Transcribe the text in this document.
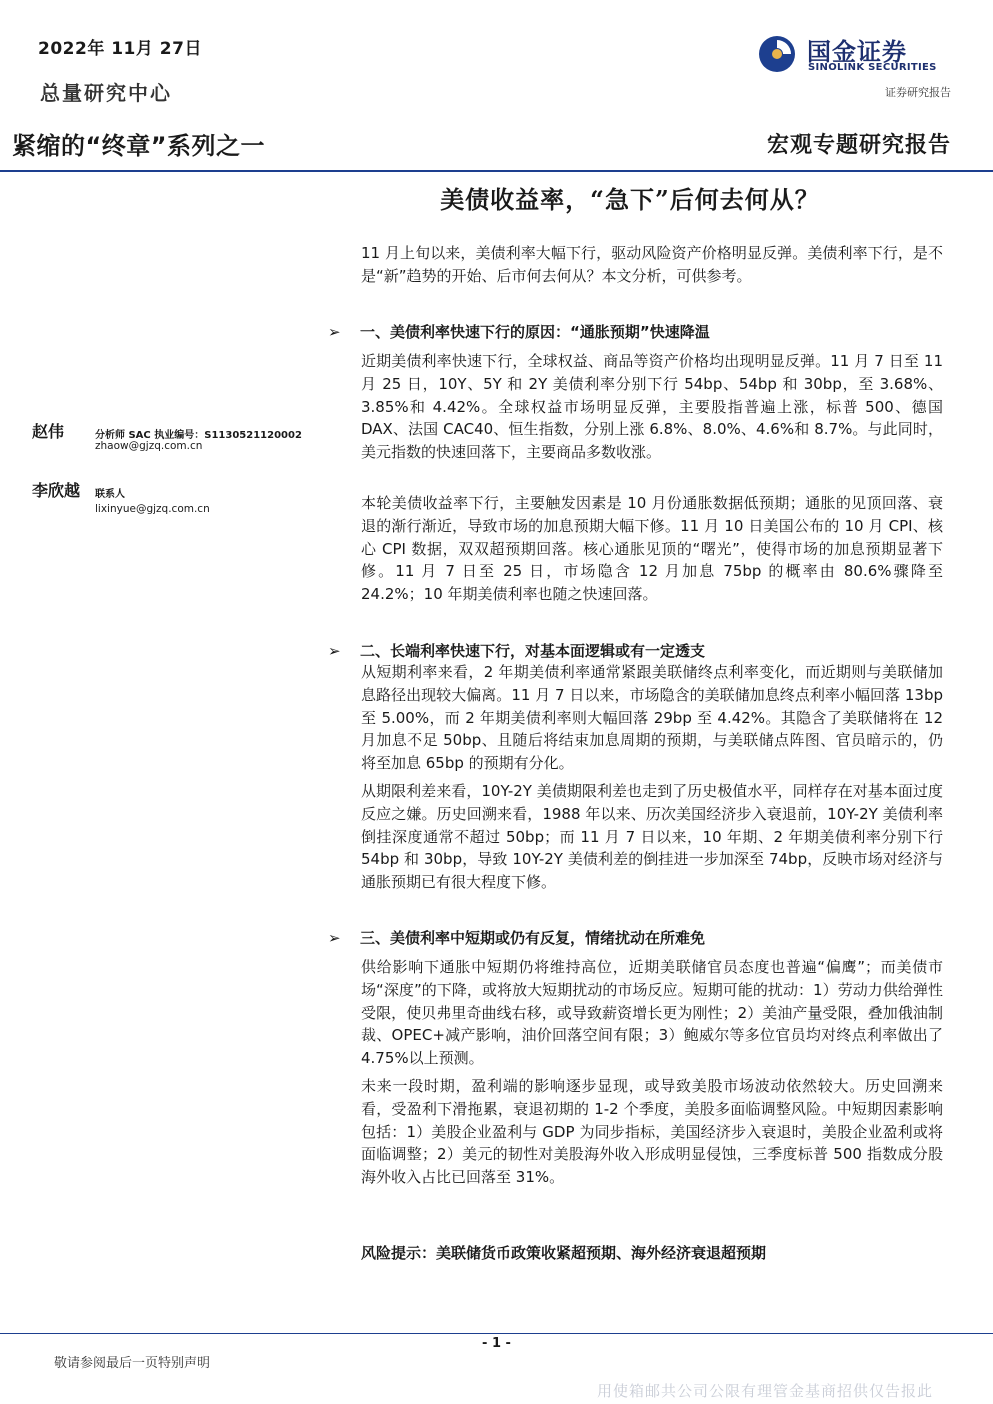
2022年 11月 27日
总量研究中心
国金证券
SINOLINK SECURITIES
证券研究报告
紧缩的“终章”系列之一	宏观专题研究报告
美债收益率，“急下”后何去何从？
11 月上旬以来，美债利率大幅下行，驱动风险资产价格明显反弹。美债利率下行，是不是“新”趋势的开始、后市何去何从？本文分析，可供参考。
➢ 一、美债利率快速下行的原因：“通胀预期”快速降温
近期美债利率快速下行，全球权益、商品等资产价格均出现明显反弹。11 月 7 日至 11 月 25 日，10Y、5Y 和 2Y 美债利率分别下行 54bp、54bp 和 30bp，至 3.68%、3.85%和 4.42%。全球权益市场明显反弹，主要股指普遍上涨，标普 500、德国 DAX、法国 CAC40、恒生指数，分别上涨 6.8%、8.0%、4.6%和 8.7%。与此同时，美元指数的快速回落下，主要商品多数收涨。
本轮美债收益率下行，主要触发因素是 10 月份通胀数据低预期；通胀的见顶回落、衰退的渐行渐近，导致市场的加息预期大幅下修。11 月 10 日美国公布的 10 月 CPI、核心 CPI 数据，双双超预期回落。核心通胀见顶的“曙光”，使得市场的加息预期显著下修。11 月 7 日至 25 日，市场隐含 12 月加息 75bp 的概率由 80.6%骤降至 24.2%；10 年期美债利率也随之快速回落。
➢ 二、长端利率快速下行，对基本面逻辑或有一定透支
从短期利率来看，2 年期美债利率通常紧跟美联储终点利率变化，而近期则与美联储加息路径出现较大偏离。11 月 7 日以来，市场隐含的美联储加息终点利率小幅回落 13bp 至 5.00%，而 2 年期美债利率则大幅回落 29bp 至 4.42%。其隐含了美联储将在 12 月加息不足 50bp、且随后将结束加息周期的预期，与美联储点阵图、官员暗示的，仍将至加息 65bp 的预期有分化。
从期限利差来看，10Y-2Y 美债期限利差也走到了历史极值水平，同样存在对基本面过度反应之嫌。历史回溯来看，1988 年以来、历次美国经济步入衰退前，10Y-2Y 美债利率倒挂深度通常不超过 50bp；而 11 月 7 日以来，10 年期、2 年期美债利率分别下行 54bp 和 30bp，导致 10Y-2Y 美债利差的倒挂进一步加深至 74bp，反映市场对经济与通胀预期已有很大程度下修。
➢ 三、美债利率中短期或仍有反复，情绪扰动在所难免
供给影响下通胀中短期仍将维持高位，近期美联储官员态度也普遍“偏鹰”；而美债市场“深度”的下降，或将放大短期扰动的市场反应。短期可能的扰动：1）劳动力供给弹性受限，使贝弗里奇曲线右移，或导致薪资增长更为刚性；2）美油产量受限，叠加俄油制裁、OPEC+减产影响，油价回落空间有限；3）鲍威尔等多位官员均对终点利率做出了 4.75%以上预测。
未来一段时期，盈利端的影响逐步显现，或导致美股市场波动依然较大。历史回溯来看，受盈利下滑拖累，衰退初期的 1-2 个季度，美股多面临调整风险。中短期因素影响包括：1）美股企业盈利与 GDP 为同步指标，美国经济步入衰退时，美股企业盈利或将面临调整；2）美元的韧性对美股海外收入形成明显侵蚀，三季度标普 500 指数成分股海外收入占比已回落至 31%。
风险提示：美联储货币政策收紧超预期、海外经济衰退超预期
赵伟	分析师 SAC 执业编号：S1130521120002
zhaow@gjzq.com.cn
李欣越 联系人
lixinyue@gjzq.com.cn
- 1 -
敬请参阅最后一页特别声明
用使箱邮共公司公限有理管金基商招供仅告报此
